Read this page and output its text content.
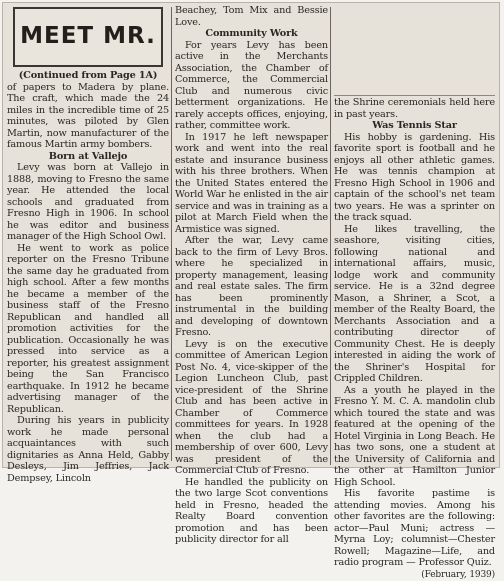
MEET MR.

(Continued from Page 1A)

of papers to Madera by plane. The craft, which made the 24 miles in the incredible time of 25 minutes, was piloted by Glen Martin, now manufacturer of the famous Martin army bombers.

Born at Vallejo

Levy was born at Vallejo in 1888, moving to Fresno the same year. He attended the local schools and graduated from Fresno High in 1906. In school he was editor and business manager of the High School Owl.

He went to work as police reporter on the Fresno Tribune the same day he graduated from high school. After a few months he became a member of the business staff of the Fresno Republican and handled all promotion activities for the publication. Occasionally he was pressed into service as a reporter, his greatest assignment being the San Francisco earthquake. In 1912 he became advertising manager of the Republican.

During his years in publicity work he made personal acquaintances with such dignitaries as Anna Held, Gabby Desleys, Jim Jeffries, Jack Dempsey, Lincoln

Beachey, Tom Mix and Bessie Love.

Community Work

For years Levy has been active in the Merchants Association, the Chamber of Commerce, the Commercial Club and numerous civic betterment organizations. He rarely accepts offices, enjoying, rather, committee work.

In 1917 he left newspaper work and went into the real estate and insurance business with his three brothers. When the United States entered the World War he enlisted in the air service and was in training as a pilot at March Field when the Armistice was signed.

After the war, Levy came back to the firm of Levy Bros. where he specialized in property management, leasing and real estate sales. The firm has been prominently instrumental in the building and developing of downtown Fresno.

Levy is on the executive committee of American Legion Post No. 4, vice-skipper of the Legion Luncheon Club, past vice-president of the Shrine Club and has been active in Chamber of Commerce committees for years. In 1928 when the club had a membership of over 600, Levy was president of the Commercial Club of Fresno.

He handled the publicity on the two large Scot conventions held in Fresno, headed the Realty Board convention promotion and has been publicity director for all

the Shrine ceremonials held here in past years.

Was Tennis Star

His hobby is gardening. His favorite sport is football and he enjoys all other athletic games. He was tennis champion at Fresno High School in 1906 and captain of the school's net team two years. He was a sprinter on the track squad.

He likes travelling, the seashore, visiting cities, following national and international affairs, music, lodge work and community service. He is a 32nd degree Mason, a Shriner, a Scot, a member of the Realty Board, the Merchants Association and a contributing director of Community Chest. He is deeply interested in aiding the work of the Shriner's Hospital for Crippled Children.

As a youth he played in the Fresno Y. M. C. A. mandolin club which toured the state and was featured at the opening of the Hotel Virginia in Long Beach. He has two sons, one a student at the University of California and the other at Hamilton Junior High School.

His favorite pastime is attending movies. Among his other favorites are the following: actor—Paul Muni; actress — Myrna Loy; columnist—Chester Rowell; Magazine—Life, and radio program — Professor Quiz.

(February, 1939)
